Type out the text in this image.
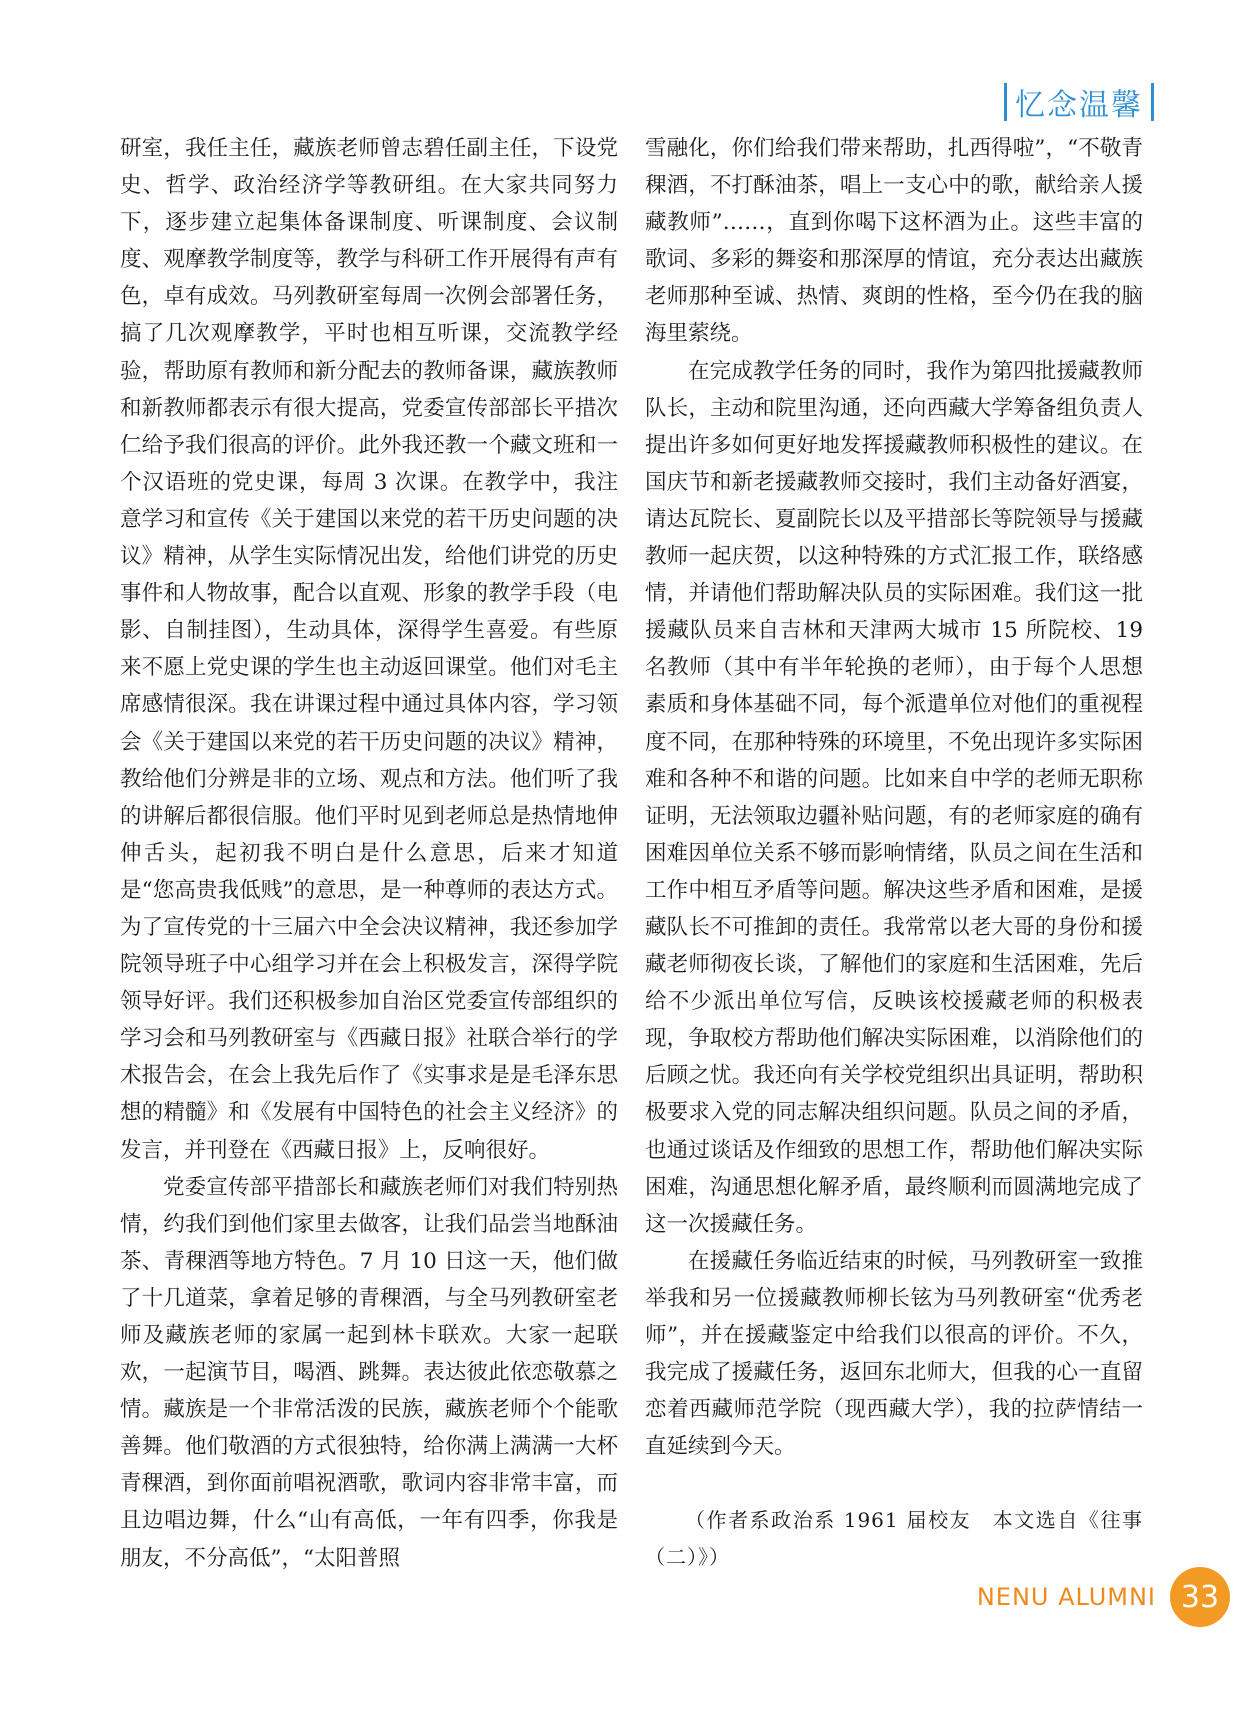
忆念温馨

研室，我任主任，藏族老师曾志碧任副主任，下设党史、哲学、政治经济学等教研组。在大家共同努力下，逐步建立起集体备课制度、听课制度、会议制度、观摩教学制度等，教学与科研工作开展得有声有色，卓有成效。马列教研室每周一次例会部署任务，搞了几次观摩教学，平时也相互听课，交流教学经验，帮助原有教师和新分配去的教师备课，藏族教师和新教师都表示有很大提高，党委宣传部部长平措次仁给予我们很高的评价。此外我还教一个藏文班和一个汉语班的党史课，每周 3 次课。在教学中，我注意学习和宣传《关于建国以来党的若干历史问题的决议》精神，从学生实际情况出发，给他们讲党的历史事件和人物故事，配合以直观、形象的教学手段（电影、自制挂图），生动具体，深得学生喜爱。有些原来不愿上党史课的学生也主动返回课堂。他们对毛主席感情很深。我在讲课过程中通过具体内容，学习领会《关于建国以来党的若干历史问题的决议》精神，教给他们分辨是非的立场、观点和方法。他们听了我的讲解后都很信服。他们平时见到老师总是热情地伸伸舌头，起初我不明白是什么意思，后来才知道是“您高贵我低贱”的意思，是一种尊师的表达方式。为了宣传党的十三届六中全会决议精神，我还参加学院领导班子中心组学习并在会上积极发言，深得学院领导好评。我们还积极参加自治区党委宣传部组织的学习会和马列教研室与《西藏日报》社联合举行的学术报告会，在会上我先后作了《实事求是是毛泽东思想的精髓》和《发展有中国特色的社会主义经济》的发言，并刊登在《西藏日报》上，反响很好。

党委宣传部平措部长和藏族老师们对我们特别热情，约我们到他们家里去做客，让我们品尝当地酥油茶、青稞酒等地方特色。7 月 10 日这一天，他们做了十几道菜，拿着足够的青稞酒，与全马列教研室老师及藏族老师的家属一起到林卡联欢。大家一起联欢，一起演节目，喝酒、跳舞。表达彼此依恋敬慕之情。藏族是一个非常活泼的民族，藏族老师个个能歌善舞。他们敬酒的方式很独特，给你满上满满一大杯青稞酒，到你面前唱祝酒歌，歌词内容非常丰富，而且边唱边舞，什么“山有高低，一年有四季，你我是朋友，不分高低”，“太阳普照

雪融化，你们给我们带来帮助，扎西得啦”，“不敬青稞酒，不打酥油茶，唱上一支心中的歌，献给亲人援藏教师”……，直到你喝下这杯酒为止。这些丰富的歌词、多彩的舞姿和那深厚的情谊，充分表达出藏族老师那种至诚、热情、爽朗的性格，至今仍在我的脑海里萦绕。

在完成教学任务的同时，我作为第四批援藏教师队长，主动和院里沟通，还向西藏大学筹备组负责人提出许多如何更好地发挥援藏教师积极性的建议。在国庆节和新老援藏教师交接时，我们主动备好酒宴，请达瓦院长、夏副院长以及平措部长等院领导与援藏教师一起庆贺，以这种特殊的方式汇报工作，联络感情，并请他们帮助解决队员的实际困难。我们这一批援藏队员来自吉林和天津两大城市 15 所院校、19 名教师（其中有半年轮换的老师），由于每个人思想素质和身体基础不同，每个派遣单位对他们的重视程度不同，在那种特殊的环境里，不免出现许多实际困难和各种不和谐的问题。比如来自中学的老师无职称证明，无法领取边疆补贴问题，有的老师家庭的确有困难因单位关系不够而影响情绪，队员之间在生活和工作中相互矛盾等问题。解决这些矛盾和困难，是援藏队长不可推卸的责任。我常常以老大哥的身份和援藏老师彻夜长谈，了解他们的家庭和生活困难，先后给不少派出单位写信，反映该校援藏老师的积极表现，争取校方帮助他们解决实际困难，以消除他们的后顾之忧。我还向有关学校党组织出具证明，帮助积极要求入党的同志解决组织问题。队员之间的矛盾，也通过谈话及作细致的思想工作，帮助他们解决实际困难，沟通思想化解矛盾，最终顺利而圆满地完成了这一次援藏任务。

在援藏任务临近结束的时候，马列教研室一致推举我和另一位援藏教师柳长铉为马列教研室“优秀老师”，并在援藏鉴定中给我们以很高的评价。不久，我完成了援藏任务，返回东北师大，但我的心一直留恋着西藏师范学院（现西藏大学），我的拉萨情结一直延续到今天。

（作者系政治系 1961 届校友　本文选自《往事（二）》）

NENU ALUMNI 33
